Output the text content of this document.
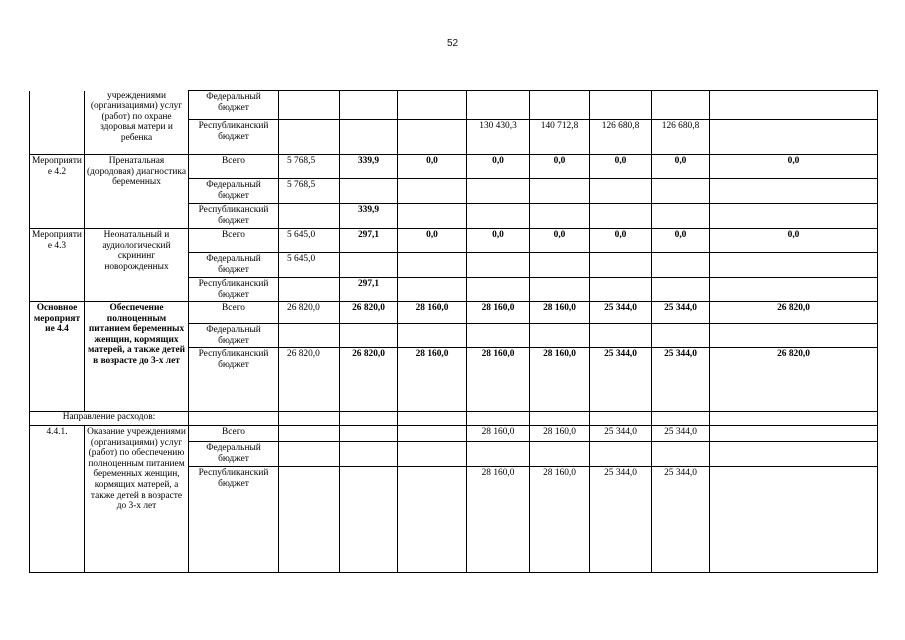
52
	учреждениями (организациями) услуг (работ) по охране здоровья матери и ребенка	Федеральный бюджет								
		Республиканский бюджет				130 430,3	140 712,8	126 680,8	126 680,8	
Мероприятие 4.2	Пренатальная (дородовая) диагностика беременных	Всего	5 768,5	339,9	0,0	0,0	0,0	0,0	0,0	0,0
		Федеральный бюджет	5 768,5							
		Республиканский бюджет		339,9						
Мероприятие 4.3	Неонатальный и аудиологический скрининг новорожденных	Всего	5 645,0	297,1	0,0	0,0	0,0	0,0	0,0	0,0
		Федеральный бюджет	5 645,0							
		Республиканский бюджет		297,1						
Основное мероприятие 4.4	Обеспечение полноценным питанием беременных женщин, кормящих матерей, а также детей в возрасте до 3-х лет	Всего	26 820,0	26 820,0	28 160,0	28 160,0	28 160,0	25 344,0	25 344,0	26 820,0
		Федеральный бюджет								
		Республиканский бюджет	26 820,0	26 820,0	28 160,0	28 160,0	28 160,0	25 344,0	25 344,0	26 820,0
Направление расходов:										
4.4.1.	Оказание учреждениями (организациями) услуг (работ) по обеспечению полноценным питанием беременных женщин, кормящих матерей, а также детей в возрасте до 3-х лет	Всего				28 160,0	28 160,0	25 344,0	25 344,0	
		Федеральный бюджет								
		Республиканский бюджет				28 160,0	28 160,0	25 344,0	25 344,0	
